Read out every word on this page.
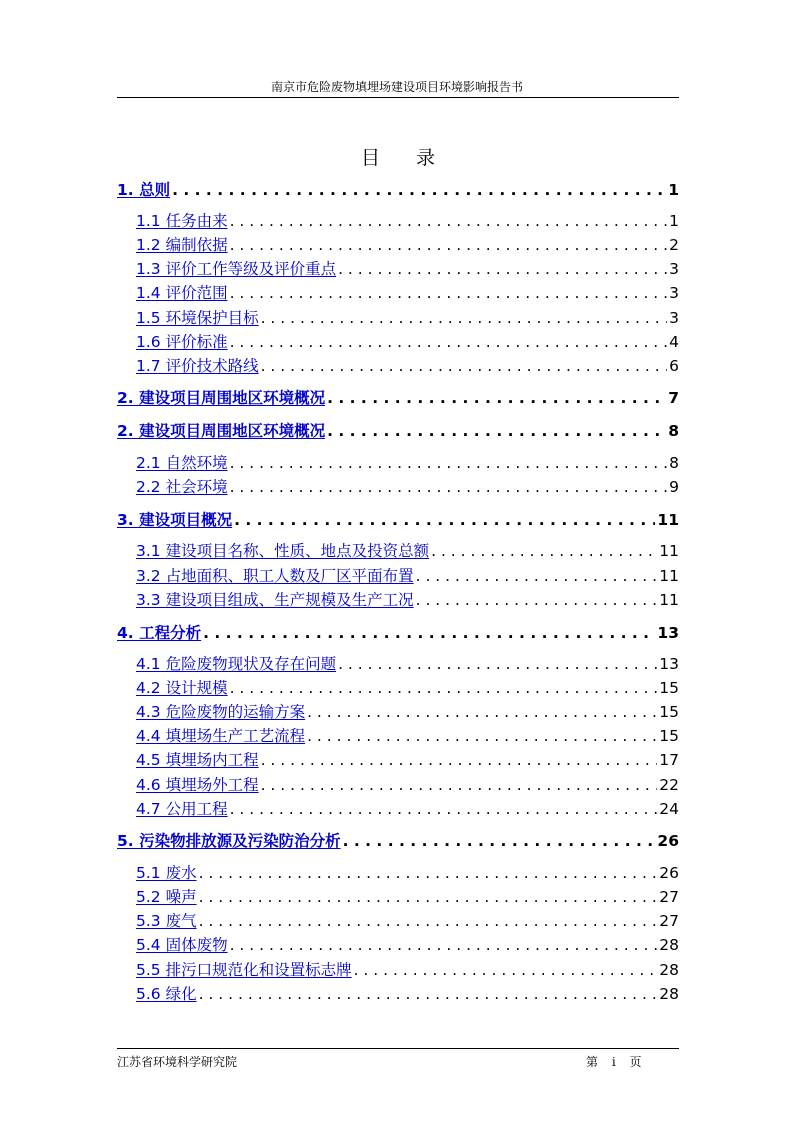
南京市危险废物填埋场建设项目环境影响报告书
目录
1. 总则 . . .	1
1.1 任务由来 . . .	1
1.2 编制依据 . . .	2
1.3 评价工作等级及评价重点 . . .	3
1.4 评价范围 . . .	3
1.5 环境保护目标 . . .	3
1.6 评价标准 . . .	4
1.7 评价技术路线 . . .	6
2. 建设项目周围地区环境概况 . . .	7
2. 建设项目周围地区环境概况 . . .	8
2.1 自然环境 . . .	8
2.2 社会环境 . . .	9
3. 建设项目概况 . . .	11
3.1 建设项目名称、性质、地点及投资总额 . . .	11
3.2 占地面积、职工人数及厂区平面布置 . . .	11
3.3 建设项目组成、生产规模及生产工况 . . .	11
4. 工程分析 . . .	13
4.1 危险废物现状及存在问题 . . .	13
4.2 设计规模 . . .	15
4.3 危险废物的运输方案 . . .	15
4.4 填埋场生产工艺流程 . . .	15
4.5 填埋场内工程 . . .	17
4.6 填埋场外工程 . . .	22
4.7 公用工程 . . .	24
5. 污染物排放源及污染防治分析 . . .	26
5.1 废水 . . .	26
5.2 噪声 . . .	27
5.3 废气 . . .	27
5.4 固体废物 . . .	28
5.5 排污口规范化和设置标志牌 . . .	28
5.6 绿化 . . .	28
江苏省环境科学研究院	第 i 页
